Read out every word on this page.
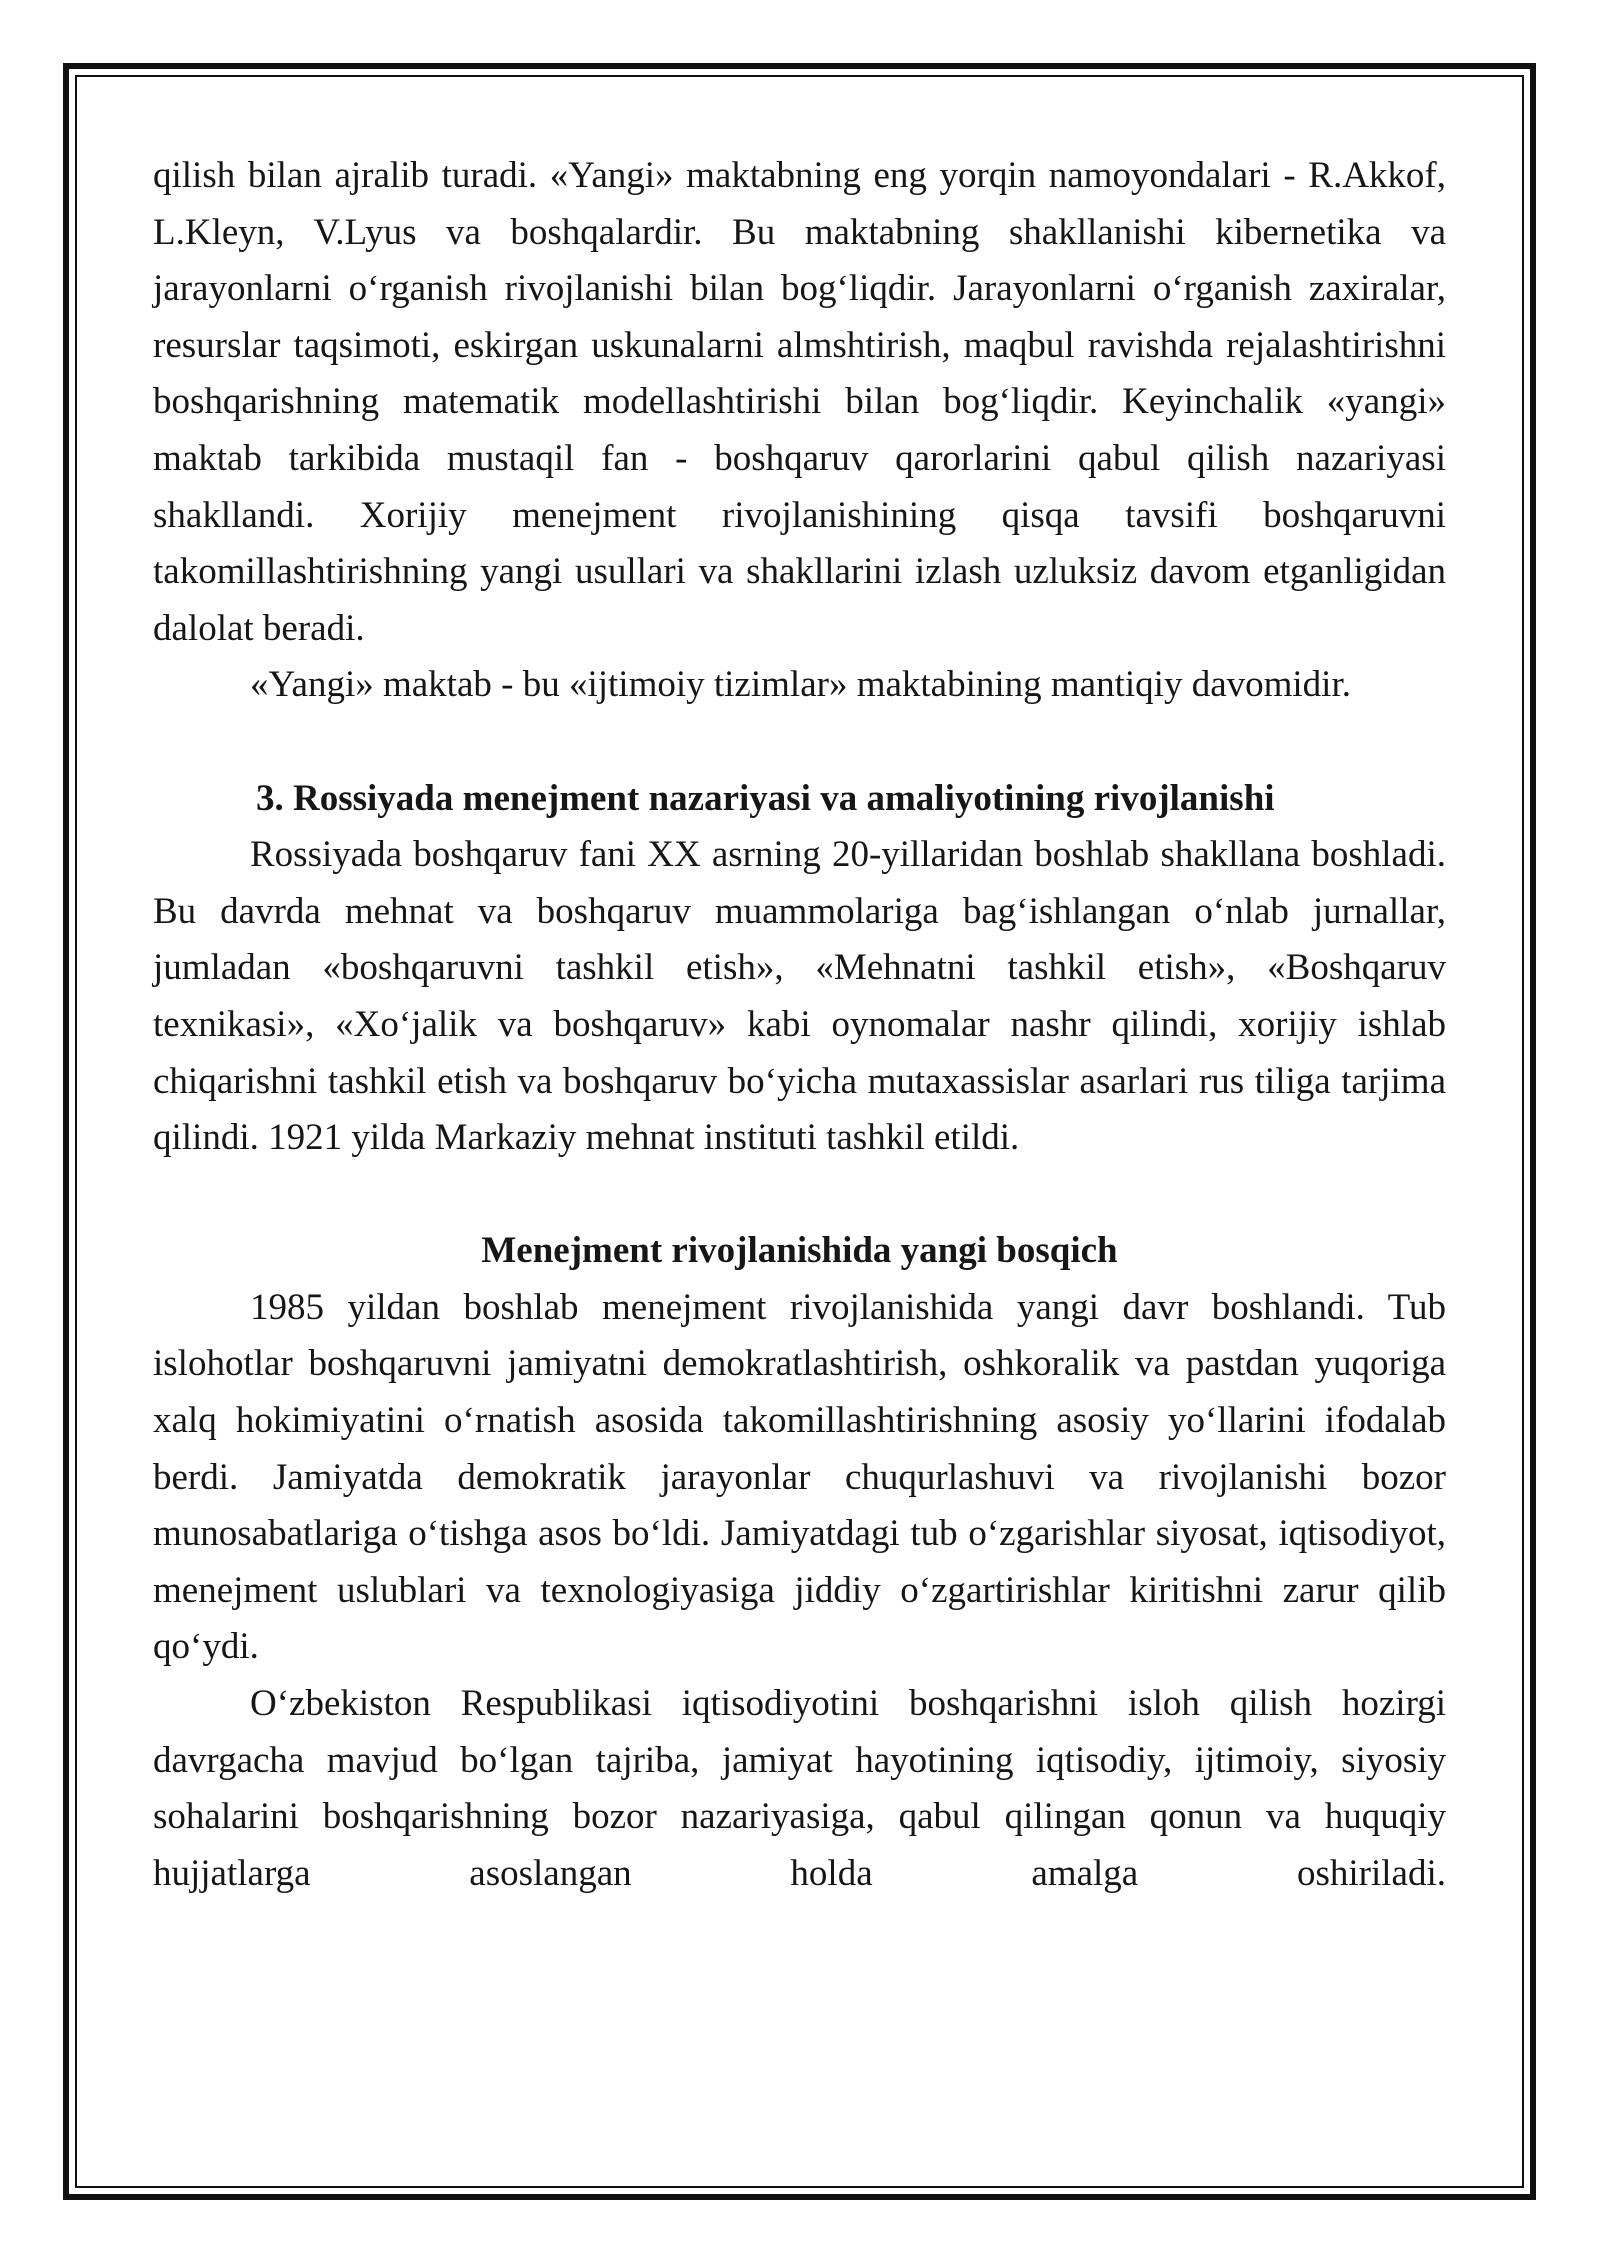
qilish bilan ajralib turadi. «Yangi» maktabning eng yorqin namoyondalari - R.Akkof, L.Kleyn, V.Lyus va boshqalardir. Bu maktabning shakllanishi kibernetika va jarayonlarni o‘rganish rivojlanishi bilan bog‘liqdir. Jarayonlarni o‘rganish zaxiralar, resurslar taqsimoti, eskirgan uskunalarni almshtirish, maqbul ravishda rejalashtirishni boshqarishning matematik modellashtirishi bilan bog‘liqdir. Keyinchalik «yangi» maktab tarkibida mustaqil fan - boshqaruv qarorlarini qabul qilish nazariyasi shakllandi. Xorijiy menejment rivojlanishining qisqa tavsifi boshqaruvni takomillashtirishning yangi usullari va shakllarini izlash uzluksiz davom etganligidan dalolat beradi.

«Yangi» maktab - bu «ijtimoiy tizimlar» maktabining mantiqiy davomidir.

3. Rossiyada menejment nazariyasi va amaliyotining rivojlanishi

Rossiyada boshqaruv fani XX asrning 20-yillaridan boshlab shakllana boshladi. Bu davrda mehnat va boshqaruv muammolariga bag‘ishlangan o‘nlab jurnallar, jumladan «boshqaruvni tashkil etish», «Mehnatni tashkil etish», «Boshqaruv texnikasi», «Xo‘jalik va boshqaruv» kabi oynomalar nashr qilindi, xorijiy ishlab chiqarishni tashkil etish va boshqaruv bo‘yicha mutaxassislar asarlari rus tiliga tarjima qilindi. 1921 yilda Markaziy mehnat instituti tashkil etildi.

Menejment rivojlanishida yangi bosqich

1985 yildan boshlab menejment rivojlanishida yangi davr boshlandi. Tub islohotlar boshqaruvni jamiyatni demokratlashtirish, oshkoralik va pastdan yuqoriga xalq hokimiyatini o‘rnatish asosida takomillashtirishning asosiy yo‘llarini ifodalab berdi. Jamiyatda demokratik jarayonlar chuqurlashuvi va rivojlanishi bozor munosabatlariga o‘tishga asos bo‘ldi. Jamiyatdagi tub o‘zgarishlar siyosat, iqtisodiyot, menejment uslublari va texnologiyasiga jiddiy o‘zgartirishlar kiritishni zarur qilib qo‘ydi.

O‘zbekiston Respublikasi iqtisodiyotini boshqarishni isloh qilish hozirgi davrgacha mavjud bo‘lgan tajriba, jamiyat hayotining iqtisodiy, ijtimoiy, siyosiy sohalarini boshqarishning bozor nazariyasiga, qabul qilingan qonun va huquqiy hujjatlarga asoslangan holda amalga oshiriladi.
